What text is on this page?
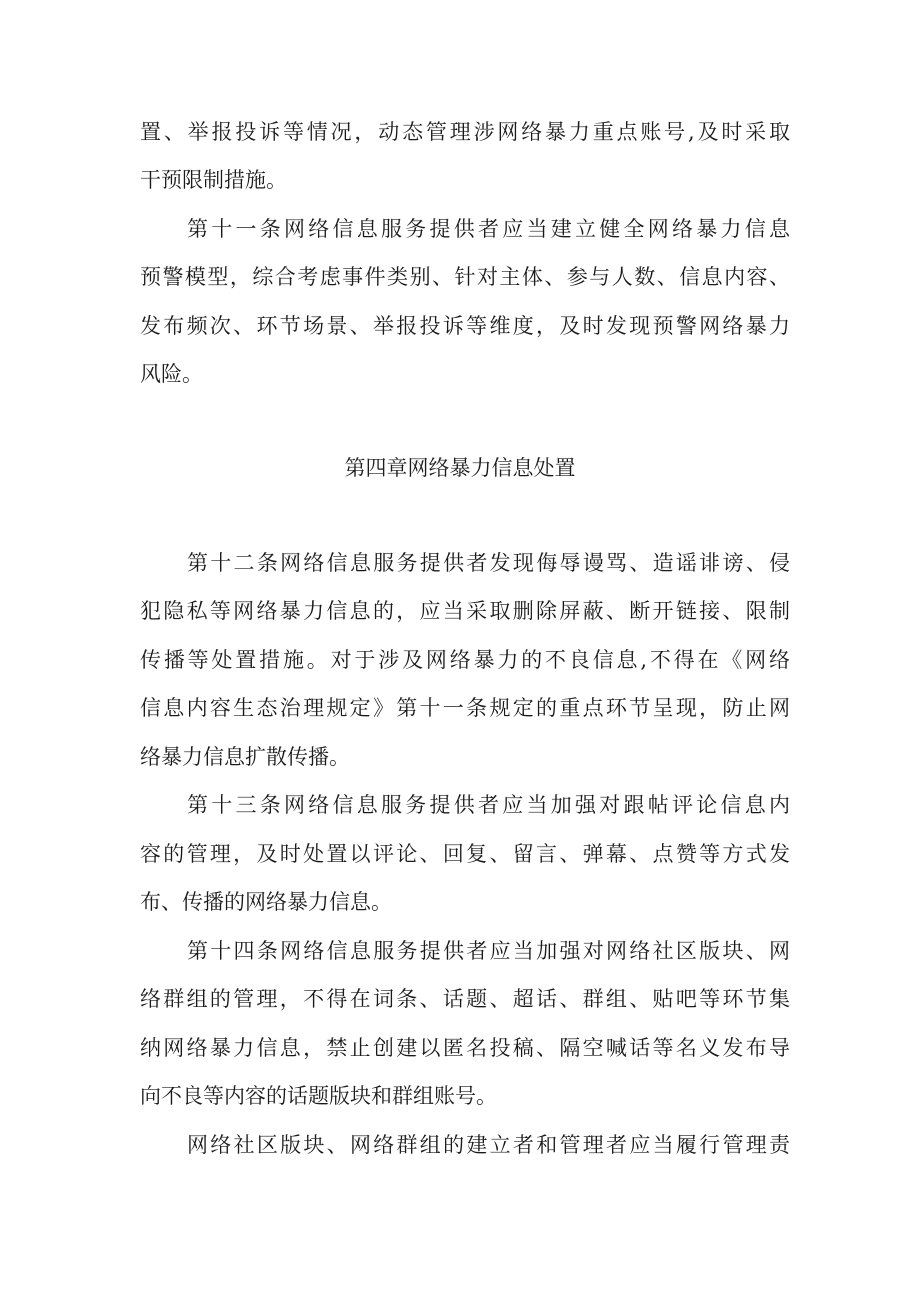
置、举报投诉等情况，动态管理涉网络暴力重点账号,及时采取
干预限制措施。
第十一条网络信息服务提供者应当建立健全网络暴力信息
预警模型，综合考虑事件类别、针对主体、参与人数、信息内容、
发布频次、环节场景、举报投诉等维度，及时发现预警网络暴力
风险。
第四章网络暴力信息处置
第十二条网络信息服务提供者发现侮辱谩骂、造谣诽谤、侵
犯隐私等网络暴力信息的，应当采取删除屏蔽、断开链接、限制
传播等处置措施。对于涉及网络暴力的不良信息,不得在《网络
信息内容生态治理规定》第十一条规定的重点环节呈现，防止网
络暴力信息扩散传播。
第十三条网络信息服务提供者应当加强对跟帖评论信息内
容的管理，及时处置以评论、回复、留言、弹幕、点赞等方式发
布、传播的网络暴力信息。
第十四条网络信息服务提供者应当加强对网络社区版块、网
络群组的管理，不得在词条、话题、超话、群组、贴吧等环节集
纳网络暴力信息，禁止创建以匿名投稿、隔空喊话等名义发布导
向不良等内容的话题版块和群组账号。
网络社区版块、网络群组的建立者和管理者应当履行管理责
